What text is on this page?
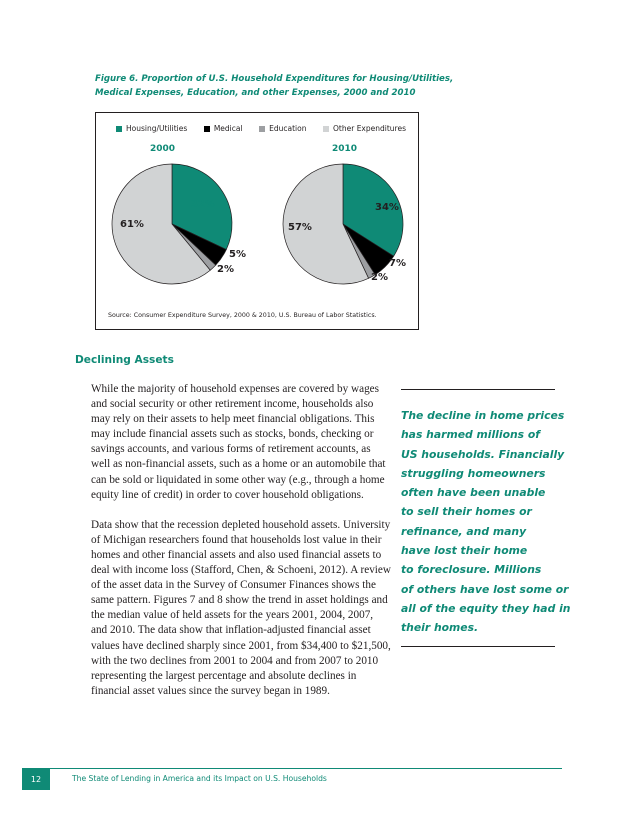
Figure 6. Proportion of U.S. Household Expenditures for Housing/Utilities,
Medical Expenses, Education, and other Expenses, 2000 and 2010
Housing/Utilities	Medical	Education	Other Expenditures
2000	2010
32%
5%
2%
61%
34%
7%
2%
57%
Source: Consumer Expenditure Survey, 2000 & 2010, U.S. Bureau of Labor Statistics.
Declining Assets

While the majority of household expenses are covered by wages and social security or other retirement income, households also may rely on their assets to help meet financial obligations. This may include financial assets such as stocks, bonds, checking or savings accounts, and various forms of retirement accounts, as well as non-financial assets, such as a home or an automobile that can be sold or liquidated in some other way (e.g., through a home equity line of credit) in order to cover household obligations.

Data show that the recession depleted household assets. University of Michigan researchers found that households lost value in their homes and other financial assets and also used financial assets to deal with income loss (Stafford, Chen, & Schoeni, 2012). A review of the asset data in the Survey of Consumer Finances shows the same pattern. Figures 7 and 8 show the trend in asset holdings and the median value of held assets for the years 2001, 2004, 2007, and 2010. The data show that inflation-adjusted financial asset values have declined sharply since 2001, from $34,400 to $21,500, with the two declines from 2001 to 2004 and from 2007 to 2010 representing the largest percentage and absolute declines in financial asset values since the survey began in 1989.

The decline in home prices
has harmed millions of
US households. Financially
struggling homeowners
often have been unable
to sell their homes or
refinance, and many
have lost their home
to foreclosure. Millions
of others have lost some or
all of the equity they had in
their homes.
12	The State of Lending in America and its Impact on U.S. Households
